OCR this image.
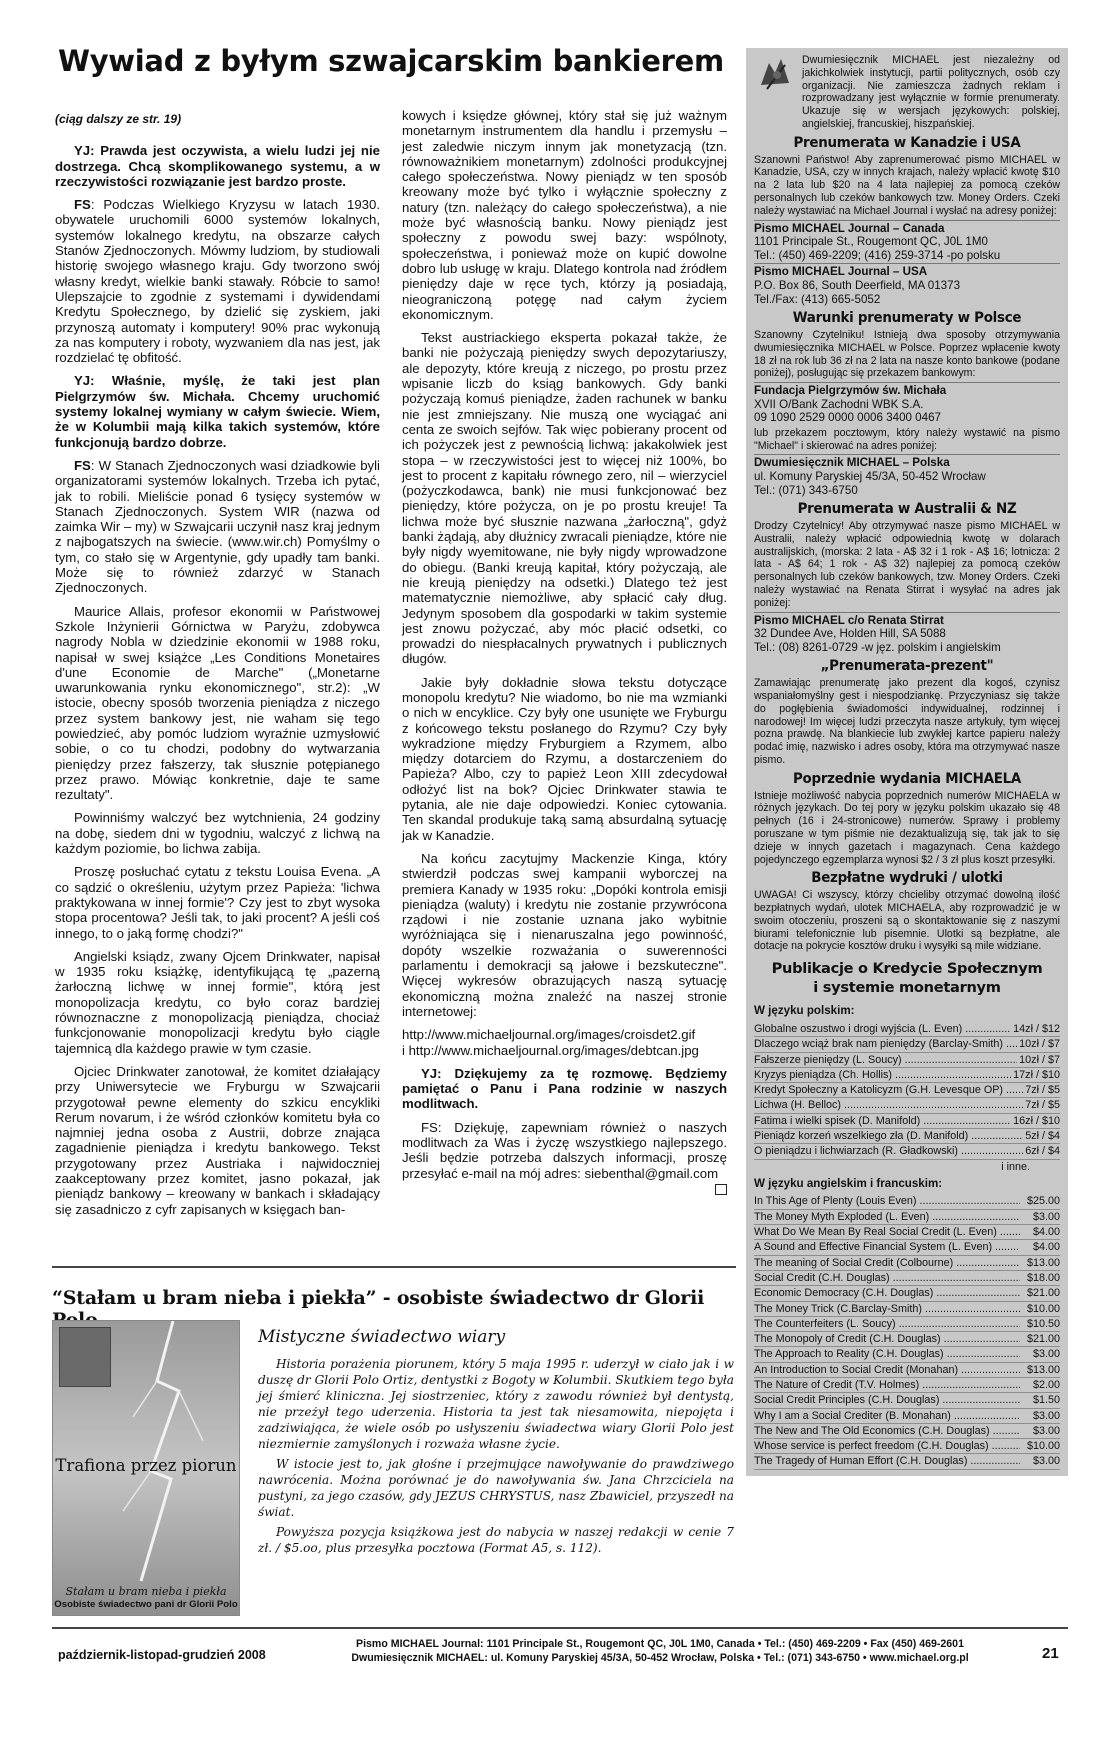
Wywiad z byłym szwajcarskim bankierem

(ciąg dalszy ze str. 19)

YJ: Prawda jest oczywista, a wielu ludzi jej nie dostrzega. Chcą skomplikowanego systemu, a w rzeczywistości rozwiązanie jest bardzo proste.

FS: Podczas Wielkiego Kryzysu w latach 1930. obywatele uruchomili 6000 systemów lokalnych, systemów lokalnego kredytu, na obszarze całych Stanów Zjednoczonych. Mówmy ludziom, by studiowali historię swojego własnego kraju. Gdy tworzono swój własny kredyt, wielkie banki stawały. Róbcie to samo! Ulepszajcie to zgodnie z systemami i dywidendami Kredytu Społecznego, by dzielić się zyskiem, jaki przynoszą automaty i komputery! 90% prac wykonują za nas komputery i roboty, wyzwaniem dla nas jest, jak rozdzielać tę obfitość.

YJ: Właśnie, myślę, że taki jest plan Pielgrzymów św. Michała. Chcemy uruchomić systemy lokalnej wymiany w całym świecie. Wiem, że w Kolumbii mają kilka takich systemów, które funkcjonują bardzo dobrze.

FS: W Stanach Zjednoczonych wasi dziadkowie byli organizatorami systemów lokalnych. Trzeba ich pytać, jak to robili. Mieliście ponad 6 tysięcy systemów w Stanach Zjednoczonych. System WIR (nazwa od zaimka Wir – my) w Szwajcarii uczynił nasz kraj jednym z najbogatszych na świecie. (www.wir.ch) Pomyślmy o tym, co stało się w Argentynie, gdy upadły tam banki. Może się to również zdarzyć w Stanach Zjednoczonych.

Maurice Allais, profesor ekonomii w Państwowej Szkole Inżynierii Górnictwa w Paryżu, zdobywca nagrody Nobla w dziedzinie ekonomii w 1988 roku, napisał w swej książce „Les Conditions Monetaires d'une Economie de Marche" („Monetarne uwarunkowania rynku ekonomicznego", str.2): „W istocie, obecny sposób tworzenia pieniądza z niczego przez system bankowy jest, nie waham się tego powiedzieć, aby pomóc ludziom wyraźnie uzmysłowić sobie, o co tu chodzi, podobny do wytwarzania pieniędzy przez fałszerzy, tak słusznie potępianego przez prawo. Mówiąc konkretnie, daje te same rezultaty".

Powinniśmy walczyć bez wytchnienia, 24 godziny na dobę, siedem dni w tygodniu, walczyć z lichwą na każdym poziomie, bo lichwa zabija.

Proszę posłuchać cytatu z tekstu Louisa Evena. „A co sądzić o określeniu, użytym przez Papieża: 'lichwa praktykowana w innej formie'? Czy jest to zbyt wysoka stopa procentowa? Jeśli tak, to jaki procent? A jeśli coś innego, to o jaką formę chodzi?"

Angielski ksiądz, zwany Ojcem Drinkwater, napisał w 1935 roku książkę, identyfikującą tę „pazerną żarłoczną lichwę w innej formie", którą jest monopolizacja kredytu, co było coraz bardziej równoznaczne z monopolizacją pieniądza, chociaż funkcjonowanie monopolizacji kredytu było ciągle tajemnicą dla każdego prawie w tym czasie.

Ojciec Drinkwater zanotował, że komitet działający przy Uniwersytecie we Fryburgu w Szwajcarii przygotował pewne elementy do szkicu encykliki Rerum novarum, i że wśród członków komitetu była co najmniej jedna osoba z Austrii, dobrze znająca zagadnienie pieniądza i kredytu bankowego. Tekst przygotowany przez Austriaka i najwidoczniej zaakceptowany przez komitet, jasno pokazał, jak pieniądz bankowy – kreowany w bankach i składający się zasadniczo z cyfr zapisanych w księgach ban-

kowych i księdze głównej, który stał się już ważnym monetarnym instrumentem dla handlu i przemysłu – jest zaledwie niczym innym jak monetyzacją (tzn. równoważnikiem monetarnym) zdolności produkcyjnej całego społeczeństwa. Nowy pieniądz w ten sposób kreowany może być tylko i wyłącznie społeczny z natury (tzn. należący do całego społeczeństwa), a nie może być własnością banku. Nowy pieniądz jest społeczny z powodu swej bazy: wspólnoty, społeczeństwa, i ponieważ może on kupić dowolne dobro lub usługę w kraju. Dlatego kontrola nad źródłem pieniędzy daje w ręce tych, którzy ją posiadają, nieograniczoną potęgę nad całym życiem ekonomicznym.

Tekst austriackiego eksperta pokazał także, że banki nie pożyczają pieniędzy swych depozytariuszy, ale depozyty, które kreują z niczego, po prostu przez wpisanie liczb do ksiąg bankowych. Gdy banki pożyczają komuś pieniądze, żaden rachunek w banku nie jest zmniejszany. Nie muszą one wyciągać ani centa ze swoich sejfów. Tak więc pobierany procent od ich pożyczek jest z pewnością lichwą: jakakolwiek jest stopa – w rzeczywistości jest to więcej niż 100%, bo jest to procent z kapitału równego zero, nil – wierzyciel (pożyczkodawca, bank) nie musi funkcjonować bez pieniędzy, które pożycza, on je po prostu kreuje! Ta lichwa może być słusznie nazwana „żarłoczną", gdyż banki żądają, aby dłużnicy zwracali pieniądze, które nie były nigdy wyemitowane, nie były nigdy wprowadzone do obiegu. (Banki kreują kapitał, który pożyczają, ale nie kreują pieniędzy na odsetki.) Dlatego też jest matematycznie niemożliwe, aby spłacić cały dług. Jedynym sposobem dla gospodarki w takim systemie jest znowu pożyczać, aby móc płacić odsetki, co prowadzi do niespłacalnych prywatnych i publicznych długów.

Jakie były dokładnie słowa tekstu dotyczące monopolu kredytu? Nie wiadomo, bo nie ma wzmianki o nich w encyklice. Czy były one usunięte we Fryburgu z końcowego tekstu posłanego do Rzymu? Czy były wykradzione między Fryburgiem a Rzymem, albo między dotarciem do Rzymu, a dostarczeniem do Papieża? Albo, czy to papież Leon XIII zdecydował odłożyć list na bok? Ojciec Drinkwater stawia te pytania, ale nie daje odpowiedzi. Koniec cytowania. Ten skandal produkuje taką samą absurdalną sytuację jak w Kanadzie.

Na końcu zacytujmy Mackenzie Kinga, który stwierdził podczas swej kampanii wyborczej na premiera Kanady w 1935 roku: „Dopóki kontrola emisji pieniądza (waluty) i kredytu nie zostanie przywrócona rządowi i nie zostanie uznana jako wybitnie wyróżniająca się i nienaruszalna jego powinność, dopóty wszelkie rozważania o suwerenności parlamentu i demokracji są jałowe i bezskuteczne". Więcej wykresów obrazujących naszą sytuację ekonomiczną można znaleźć na naszej stronie internetowej:

http://www.michaeljournal.org/images/croisdet2.gif

i http://www.michaeljournal.org/images/debtcan.jpg

YJ: Dziękujemy za tę rozmowę. Będziemy pamiętać o Panu i Pana rodzinie w naszych modlitwach.

FS: Dziękuję, zapewniam również o naszych modlitwach za Was i życzę wszystkiego najlepszego. Jeśli będzie potrzeba dalszych informacji, proszę przesyłać e-mail na mój adres: siebenthal@gmail.com

Dwumiesięcznik MICHAEL jest niezależny od jakichkolwiek instytucji, partii politycznych, osób czy organizacji. Nie zamieszcza żadnych reklam i rozprowadzany jest wyłącznie w formie prenumeraty. Ukazuje się w wersjach językowych: polskiej, angielskiej, francuskiej, hiszpańskiej.
Prenumerata w Kanadzie i USA
Szanowni Państwo! Aby zaprenumerować pismo MICHAEL w Kanadzie, USA, czy w innych krajach, należy wpłacić kwotę $10 na 2 lata lub $20 na 4 lata najlepiej za pomocą czeków personalnych lub czeków bankowych tzw. Money Orders. Czeki należy wystawiać na Michael Journal i wysłać na adresy poniżej:
Pismo MICHAEL Journal – Canada
1101 Principale St., Rougemont QC, J0L 1M0
Tel.: (450) 469-2209; (416) 259-3714 -po polsku
Pismo MICHAEL Journal – USA
P.O. Box 86, South Deerfield, MA 01373
Tel./Fax: (413) 665-5052
Warunki prenumeraty w Polsce
Szanowny Czytelniku! Istnieją dwa sposoby otrzymywania dwumiesięcznika MICHAEL w Polsce. Poprzez wpłacenie kwoty 18 zł na rok lub 36 zł na 2 lata na nasze konto bankowe (podane poniżej), posługując się przekazem bankowym:
Fundacja Pielgrzymów św. Michała
XVII O/Bank Zachodni WBK S.A.
09 1090 2529 0000 0006 3400 0467
lub przekazem pocztowym, który należy wystawić na pismo "Michael" i skierować na adres poniżej:
Dwumiesięcznik MICHAEL – Polska
ul. Komuny Paryskiej 45/3A, 50-452 Wrocław
Tel.: (071) 343-6750
Prenumerata w Australii & NZ
Drodzy Czytelnicy! Aby otrzymywać nasze pismo MICHAEL w Australii, należy wpłacić odpowiednią kwotę w dolarach australijskich, (morska: 2 lata - A$ 32 i 1 rok - A$ 16; lotnicza: 2 lata - A$ 64; 1 rok - A$ 32) najlepiej za pomocą czeków personalnych lub czeków bankowych, tzw. Money Orders. Czeki należy wystawiać na Renata Stirrat i wysyłać na adres jak poniżej:
Pismo MICHAEL c/o Renata Stirrat
32 Dundee Ave, Holden Hill, SA 5088
Tel.: (08) 8261-0729 -w jęz. polskim i angielskim
„Prenumerata-prezent"
Zamawiając prenumeratę jako prezent dla kogoś, czynisz wspaniałomyślny gest i niespodziankę. Przyczyniasz się także do pogłębienia świadomości indywidualnej, rodzinnej i narodowej! Im więcej ludzi przeczyta nasze artykuły, tym więcej pozna prawdę. Na blankiecie lub zwykłej kartce papieru należy podać imię, nazwisko i adres osoby, która ma otrzymywać nasze pismo.
Poprzednie wydania MICHAELA
Istnieje możliwość nabycia poprzednich numerów MICHAELA w różnych językach. Do tej pory w języku polskim ukazało się 48 pełnych (16 i 24-stronicowe) numerów. Sprawy i problemy poruszane w tym piśmie nie dezaktualizują się, tak jak to się dzieje w innych gazetach i magazynach. Cena każdego pojedynczego egzemplarza wynosi $2 / 3 zł plus koszt przesyłki.
Bezpłatne wydruki / ulotki
UWAGA! Ci wszyscy, którzy chcieliby otrzymać dowolną ilość bezpłatnych wydań, ulotek MICHAELA, aby rozprowadzić je w swoim otoczeniu, proszeni są o skontaktowanie się z naszymi biurami telefonicznie lub pisemnie. Ulotki są bezpłatne, ale dotacje na pokrycie kosztów druku i wysyłki są mile widziane.
Publikacje o Kredycie Społecznym
i systemie monetarnym
W języku polskim:
Globalne oszustwo i drogi wyjścia (L. Even) .....	14zł / $12
Dlaczego wciąż brak nam pieniędzy (Barclay-Smith) .....	10zł / $7
Fałszerze pieniędzy (L. Soucy) .....	10zł / $7
Kryzys pieniądza (Ch. Hollis) .....	17zł / $10
Kredyt Społeczny a Katolicyzm (G.H. Levesque OP) .....	7zł / $5
Lichwa (H. Belloc) .....	7zł / $5
Fatima i wielki spisek (D. Manifold) .....	16zł / $10
Pieniądz korzeń wszelkiego zła (D. Manifold) .....	5zł / $4
O pieniądzu i lichwiarzach (R. Gładkowski) .....	6zł / $4
i inne.
W języku angielskim i francuskim:
In This Age of Plenty (Louis Even) .....	$25.00
The Money Myth Exploded (L. Even) .....	$3.00
What Do We Mean By Real Social Credit (L. Even) .....	$4.00
A Sound and Effective Financial System (L. Even) .....	$4.00
The meaning of Social Credit (Colbourne) .....	$13.00
Social Credit (C.H. Douglas) .....	$18.00
Economic Democracy (C.H. Douglas) .....	$21.00
The Money Trick (C.Barclay-Smith) .....	$10.00
The Counterfeiters (L. Soucy) .....	$10.50
The Monopoly of Credit (C.H. Douglas) .....	$21.00
The Approach to Reality (C.H. Douglas) .....	$3.00
An Introduction to Social Credit (Monahan) .....	$13.00
The Nature of Credit (T.V. Holmes) .....	$2.00
Social Credit Principles (C.H. Douglas) .....	$1.50
Why I am a Social Crediter (B. Monahan) .....	$3.00
The New and The Old Economics (C.H. Douglas) .....	$3.00
Whose service is perfect freedom (C.H. Douglas) .....	$10.00
The Tragedy of Human Effort (C.H. Douglas) .....	$3.00
“Stałam u bram nieba i piekła” - osobiste świadectwo dr Glorii
Trafiona przez piorun
Stałam u bram nieba i piekła
Osobiste świadectwo pani dr Glorii Polo
Mistyczne świadectwo wiary

Historia porażenia piorunem, który 5 maja 1995 r. uderzył w ciało jak i w duszę dr Glorii Polo Ortiz, dentystki z Bogoty w Kolumbii. Skutkiem tego była jej śmierć kliniczna. Jej siostrzeniec, który z zawodu również był dentystą, nie przeżył tego uderzenia. Historia ta jest tak niesamowita, niepojęta i zadziwiająca, że wiele osób po usłyszeniu świadectwa wiary Glorii Polo jest niezmiernie zamyślonych i rozważa własne życie.

W istocie jest to, jak głośne i przejmujące nawoływanie do prawdziwego nawrócenia. Można porównać je do nawoływania św. Jana Chrzciciela na pustyni, za jego czasów, gdy JEZUS CHRYSTUS, nasz Zbawiciel, przyszedł na świat.

Powyższa pozycja książkowa jest do nabycia w naszej redakcji w cenie 7 zł. / $5.oo, plus przesyłka pocztowa (Format A5, s. 112).

październik-listopad-grudzień 2008
Pismo MICHAEL Journal: 1101 Principale St., Rougemont QC, J0L 1M0, Canada • Tel.: (450) 469-2209 • Fax (450) 469-2601
Dwumiesięcznik MICHAEL: ul. Komuny Paryskiej 45/3A, 50-452 Wrocław, Polska • Tel.: (071) 343-6750 • www.michael.org.pl	21
